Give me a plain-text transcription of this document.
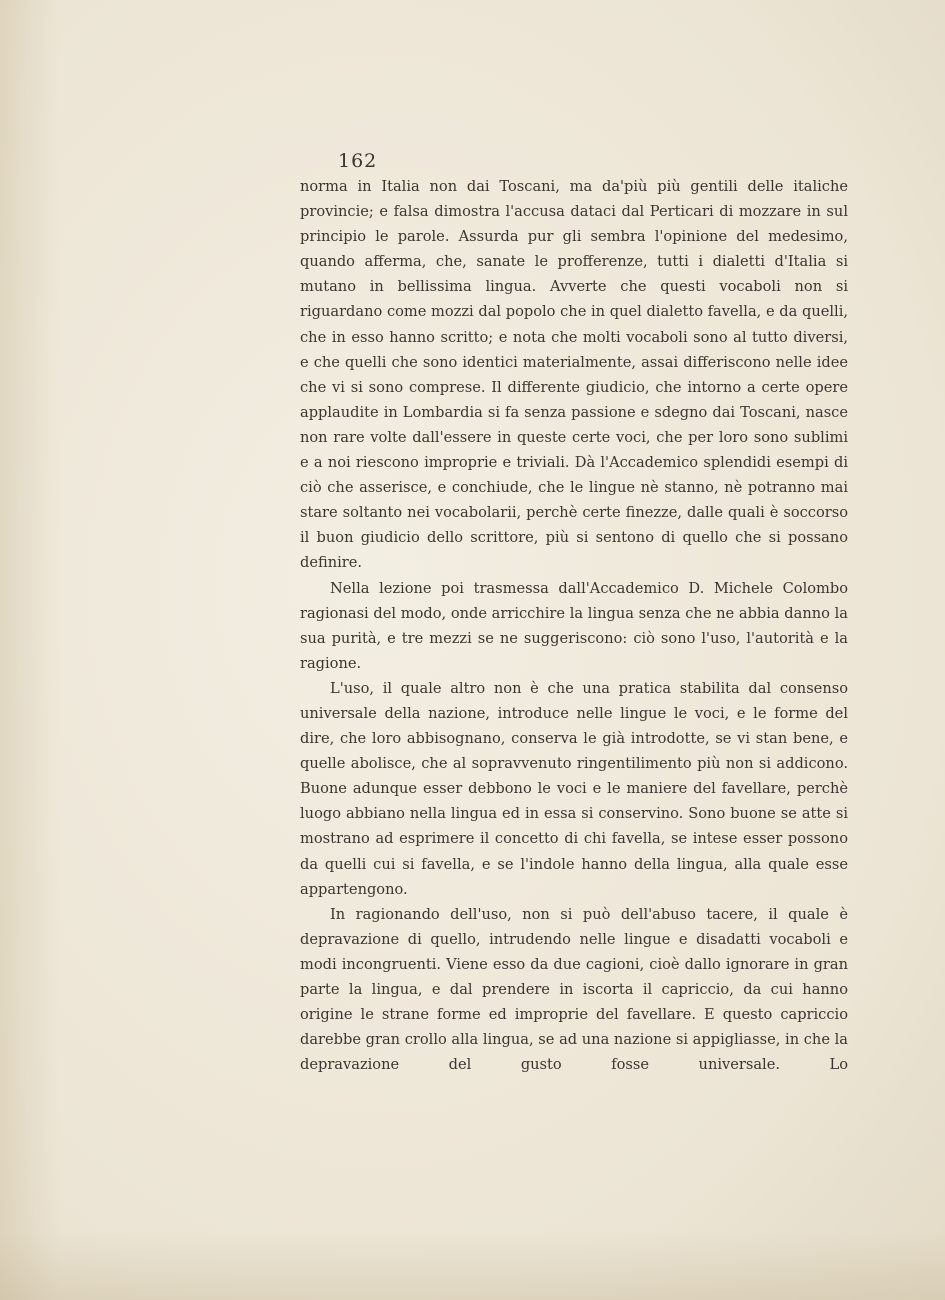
162

norma in Italia non dai Toscani, ma da'più più gentili delle italiche provincie; e falsa dimostra l'accusa dataci dal Perticari di mozzare in sul principio le parole. Assurda pur gli sembra l'opinione del medesimo, quando afferma, che, sanate le profferenze, tutti i dialetti d'Italia si mutano in bellissima lingua. Avverte che questi vocaboli non si riguardano come mozzi dal popolo che in quel dialetto favella, e da quelli, che in esso hanno scritto; e nota che molti vocaboli sono al tutto diversi, e che quelli che sono identici materialmente, assai differiscono nelle idee che vi si sono comprese. Il differente giudicio, che intorno a certe opere applaudite in Lombardia si fa senza passione e sdegno dai Toscani, nasce non rare volte dall'essere in queste certe voci, che per loro sono sublimi e a noi riescono improprie e triviali. Dà l'Accademico splendidi esempi di ciò che asserisce, e conchiude, che le lingue nè stanno, nè potranno mai stare soltanto nei vocabolarii, perchè certe finezze, dalle quali è soccorso il buon giudicio dello scrittore, più si sentono di quello che si possano definire.

Nella lezione poi trasmessa dall'Accademico D. Michele Colombo ragionasi del modo, onde arricchire la lingua senza che ne abbia danno la sua purità, e tre mezzi se ne suggeriscono: ciò sono l'uso, l'autorità e la ragione.

L'uso, il quale altro non è che una pratica stabilita dal consenso universale della nazione, introduce nelle lingue le voci, e le forme del dire, che loro abbisognano, conserva le già introdotte, se vi stan bene, e quelle abolisce, che al sopravvenuto ringentilimento più non si addicono. Buone adunque esser debbono le voci e le maniere del favellare, perchè luogo abbiano nella lingua ed in essa si conservino. Sono buone se atte si mostrano ad esprimere il concetto di chi favella, se intese esser possono da quelli cui si favella, e se l'indole hanno della lingua, alla quale esse appartengono.

In ragionando dell'uso, non si può dell'abuso tacere, il quale è depravazione di quello, intrudendo nelle lingue e disadatti vocaboli e modi incongruenti. Viene esso da due cagioni, cioè dallo ignorare in gran parte la lingua, e dal prendere in iscorta il capriccio, da cui hanno origine le strane forme ed improprie del favellare. E questo capriccio darebbe gran crollo alla lingua, se ad una nazione si appigliasse, in che la depravazione del gusto fosse universale. Lo
